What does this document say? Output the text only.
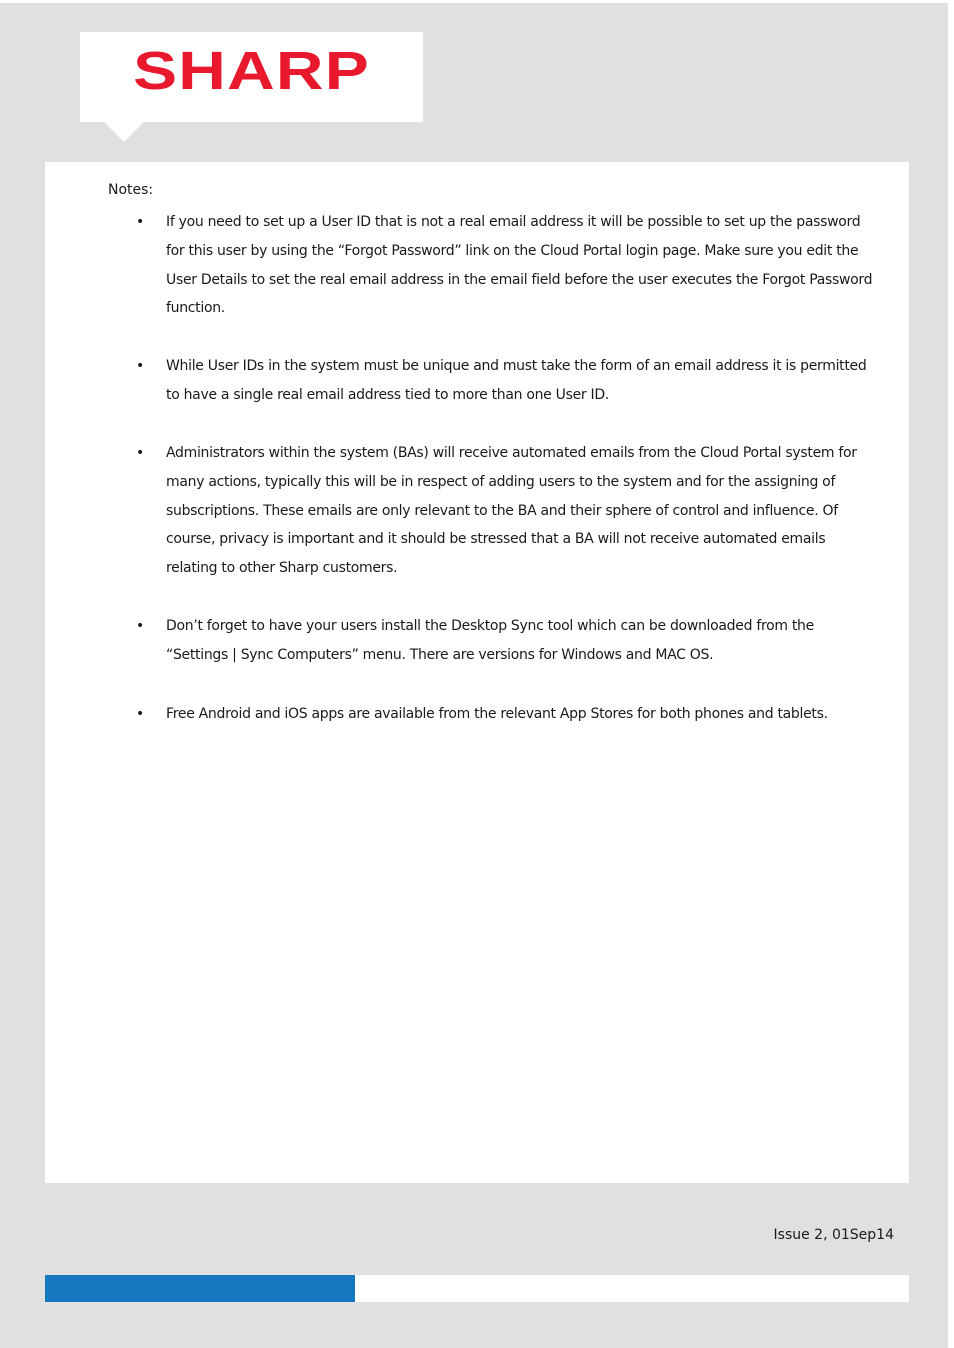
SHARP
Notes:
• If you need to set up a User ID that is not a real email address it will be possible to set up the password for this user by using the “Forgot Password” link on the Cloud Portal login page. Make sure you edit the User Details to set the real email address in the email field before the user executes the Forgot Password function.
• While User IDs in the system must be unique and must take the form of an email address it is permitted to have a single real email address tied to more than one User ID.
• Administrators within the system (BAs) will receive automated emails from the Cloud Portal system for many actions, typically this will be in respect of adding users to the system and for the assigning of subscriptions. These emails are only relevant to the BA and their sphere of control and influence. Of course, privacy is important and it should be stressed that a BA will not receive automated emails relating to other Sharp customers.
• Don’t forget to have your users install the Desktop Sync tool which can be downloaded from the “Settings | Sync Computers” menu. There are versions for Windows and MAC OS.
• Free Android and iOS apps are available from the relevant App Stores for both phones and tablets.
Issue 2, 01Sep14
